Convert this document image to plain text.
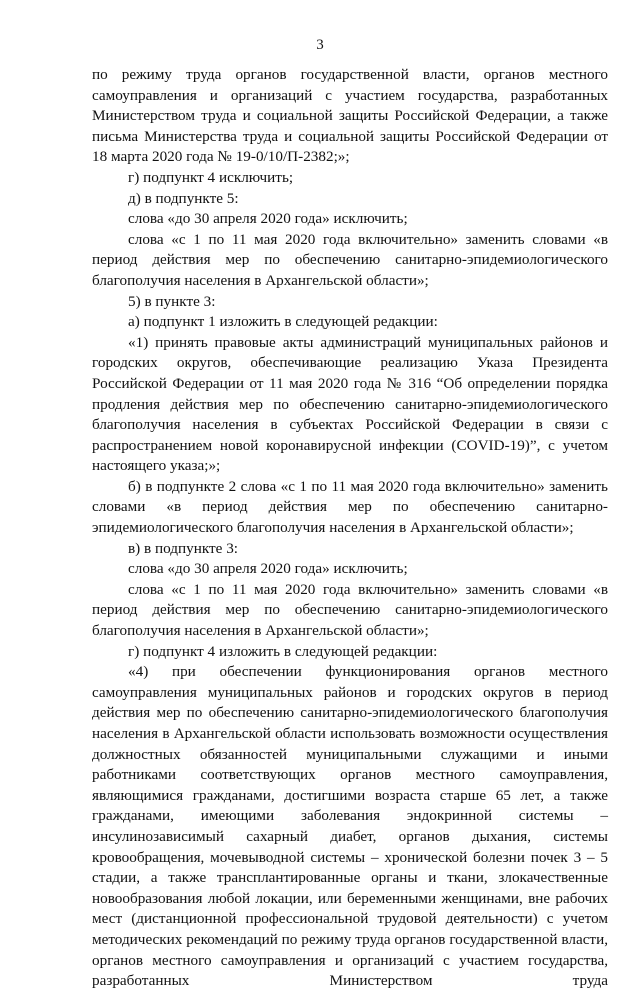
3

по режиму труда органов государственной власти, органов местного самоуправления и организаций с участием государства, разработанных Министерством труда и социальной защиты Российской Федерации, а также письма Министерства труда и социальной защиты Российской Федерации от 18 марта 2020 года № 19-0/10/П-2382;»;

г) подпункт 4 исключить;

д) в подпункте 5:

слова «до 30 апреля 2020 года» исключить;

слова «с 1 по 11 мая 2020 года включительно» заменить словами «в период действия мер по обеспечению санитарно-эпидемиологического благополучия населения в Архангельской области»;

5) в пункте 3:

а) подпункт 1 изложить в следующей редакции:

«1) принять правовые акты администраций муниципальных районов и городских округов, обеспечивающие реализацию Указа Президента Российской Федерации от 11 мая 2020 года № 316 “Об определении порядка продления действия мер по обеспечению санитарно-эпидемиологического благополучия населения в субъектах Российской Федерации в связи с распространением новой коронавирусной инфекции (COVID-19)”, с учетом настоящего указа;»;

б) в подпункте 2 слова «с 1 по 11 мая 2020 года включительно» заменить словами «в период действия мер по обеспечению санитарно-эпидемиологического благополучия населения в Архангельской области»;

в) в подпункте 3:

слова «до 30 апреля 2020 года» исключить;

слова «с 1 по 11 мая 2020 года включительно» заменить словами «в период действия мер по обеспечению санитарно-эпидемиологического благополучия населения в Архангельской области»;

г) подпункт 4 изложить в следующей редакции:

«4) при обеспечении функционирования органов местного самоуправления муниципальных районов и городских округов в период действия мер по обеспечению санитарно-эпидемиологического благополучия населения в Архангельской области использовать возможности осуществления должностных обязанностей муниципальными служащими и иными работниками соответствующих органов местного самоуправления, являющимися гражданами, достигшими возраста старше 65 лет, а также гражданами, имеющими заболевания эндокринной системы – инсулинозависимый сахарный диабет, органов дыхания, системы кровообращения, мочевыводной системы – хронической болезни почек 3 – 5 стадии, а также трансплантированные органы и ткани, злокачественные новообразования любой локации, или беременными женщинами, вне рабочих мест (дистанционной профессиональной трудовой деятельности) с учетом методических рекомендаций по режиму труда органов государственной власти, органов местного самоуправления и организаций с участием государства, разработанных Министерством труда
